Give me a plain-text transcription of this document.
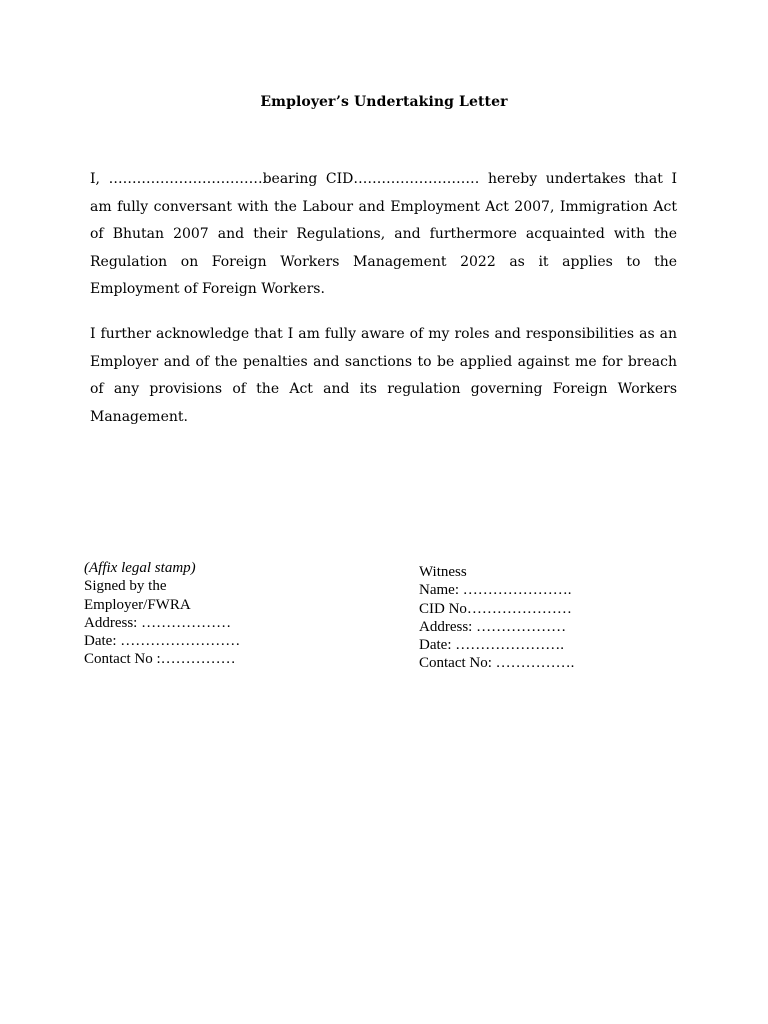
Employer’s Undertaking Letter
I, ……………………………bearing CID……………………… hereby undertakes that I am fully conversant with the Labour and Employment Act 2007, Immigration Act of Bhutan 2007 and their Regulations, and furthermore acquainted with the Regulation on Foreign Workers Management 2022 as it applies to the Employment of Foreign Workers.
I further acknowledge that I am fully aware of my roles and responsibilities as an Employer and of the penalties and sanctions to be applied against me for breach of any provisions of the Act and its regulation governing Foreign Workers Management.
(Affix legal stamp)
Signed by the
Employer/FWRA
Address: ………………
Date: ……………………
Contact No :……………
Witness
Name: ………………….
CID No…………………
Address: ………………
Date: ………………….
Contact No: …………….
